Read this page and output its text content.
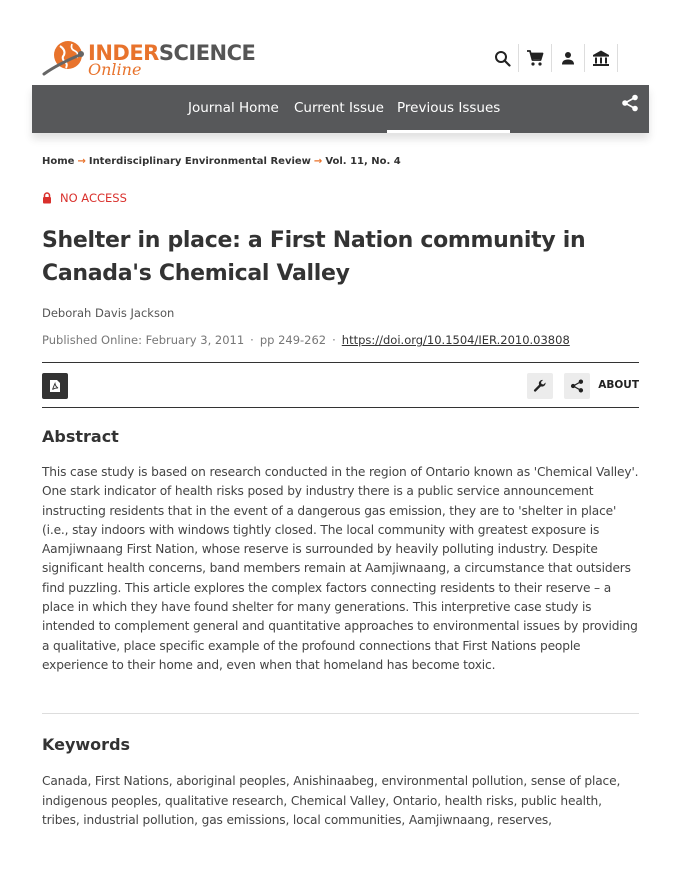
INDERSCIENCE
Online
Journal Home Current Issue Previous Issues
Home → Interdisciplinary Environmental Review → Vol. 11, No. 4
NO ACCESS
Shelter in place: a First Nation community in Canada's Chemical Valley
Deborah Davis Jackson
Published Online: February 3, 2011 · pp 249-262 · https://doi.org/10.1504/IER.2010.03808
ABOUT
Abstract

This case study is based on research conducted in the region of Ontario known as 'Chemical Valley'. One stark indicator of health risks posed by industry there is a public service announcement instructing residents that in the event of a dangerous gas emission, they are to 'shelter in place' (i.e., stay indoors with windows tightly closed. The local community with greatest exposure is Aamjiwnaang First Nation, whose reserve is surrounded by heavily polluting industry. Despite significant health concerns, band members remain at Aamjiwnaang, a circumstance that outsiders find puzzling. This article explores the complex factors connecting residents to their reserve – a place in which they have found shelter for many generations. This interpretive case study is intended to complement general and quantitative approaches to environmental issues by providing a qualitative, place specific example of the profound connections that First Nations people experience to their home and, even when that homeland has become toxic.

Keywords

Canada, First Nations, aboriginal peoples, Anishinaabeg, environmental pollution, sense of place, indigenous peoples, qualitative research, Chemical Valley, Ontario, health risks, public health, tribes, industrial pollution, gas emissions, local communities, Aamjiwnaang, reserves,
